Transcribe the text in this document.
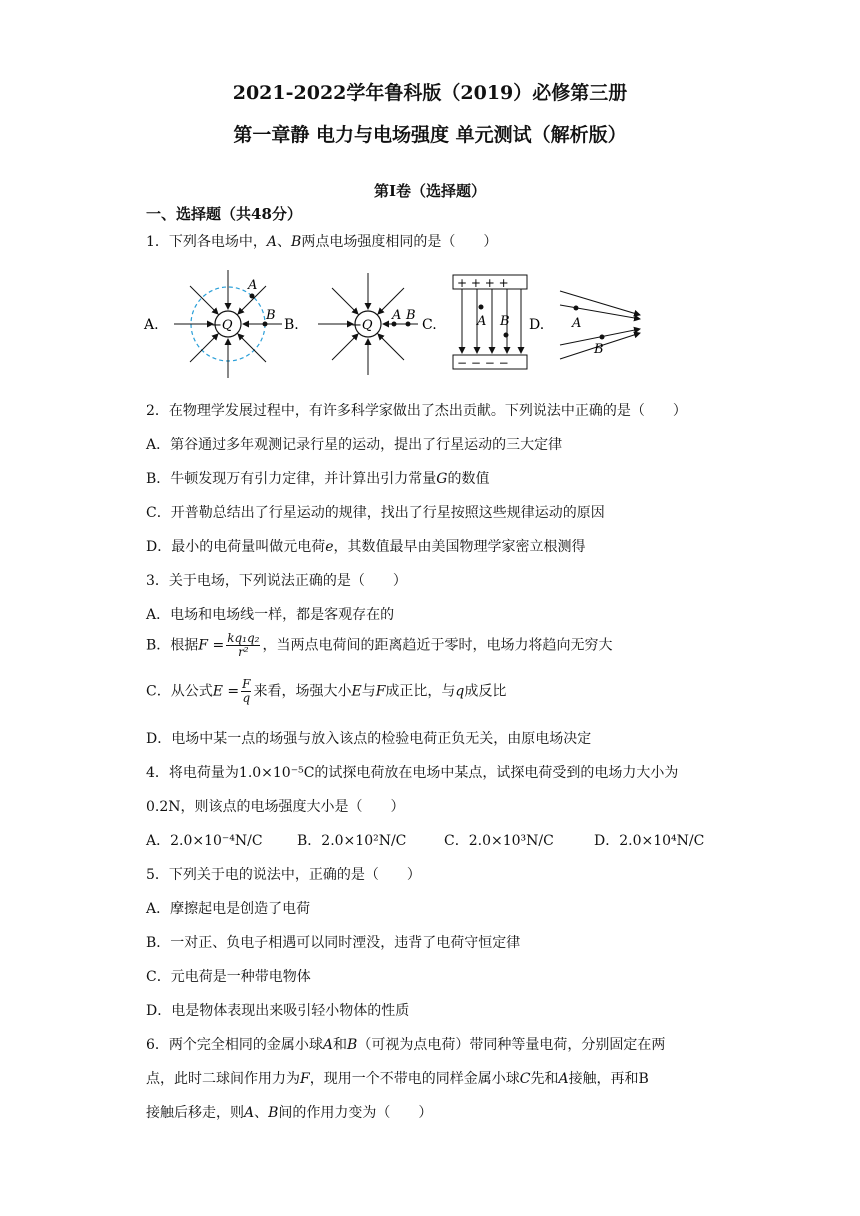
2021-2022学年鲁科版（2019）必修第三册
第一章静 电力与电场强度 单元测试（解析版）
第Ⅰ卷（选择题）
一、选择题（共48分）
1．下列各电场中，A、B两点电场强度相同的是（　　）
−Q
A
B
A.	B.	−Q
A B
C.
+ + + +
− − − −
A B D. A
B
2．在物理学发展过程中，有许多科学家做出了杰出贡献。下列说法中正确的是（　　）
A．第谷通过多年观测记录行星的运动，提出了行星运动的三大定律
B．牛顿发现万有引力定律，并计算出引力常量G的数值
C．开普勒总结出了行星运动的规律，找出了行星按照这些规律运动的原因
D．最小的电荷量叫做元电荷e，其数值最早由美国物理学家密立根测得
3．关于电场，下列说法正确的是（　　）
A．电场和电场线一样，都是客观存在的
B．根据$F = \frac{\text{kq₁q₂}}{\text{r²}}$ ，当两点电荷间的距离趋近于零时，电场力将趋向无穷大
C．从公式$E = \frac{F}{q}$ 来看，场强大小E与F成正比，与q成反比
D．电场中某一点的场强与放入该点的检验电荷正负无关，由原电场决定
4．将电荷量为1.0×10⁻⁵C的试探电荷放在电场中某点，试探电荷受到的电场力大小为
0.2N，则该点的电场强度大小是（　　）
A．2.0×10⁻⁴N/C B．2.0×10²N/C	C．2.0×10³N/C	D．2.0×10⁴N/C
5．下列关于电的说法中，正确的是（　　）
A．摩擦起电是创造了电荷
B．一对正、负电子相遇可以同时湮没，违背了电荷守恒定律
C．元电荷是一种带电物体
D．电是物体表现出来吸引轻小物体的性质
6．两个完全相同的金属小球A和B（可视为点电荷）带同种等量电荷，分别固定在两
点，此时二球间作用力为F，现用一个不带电的同样金属小球C先和A接触，再和B
接触后移走，则A、B间的作用力变为（　　）
